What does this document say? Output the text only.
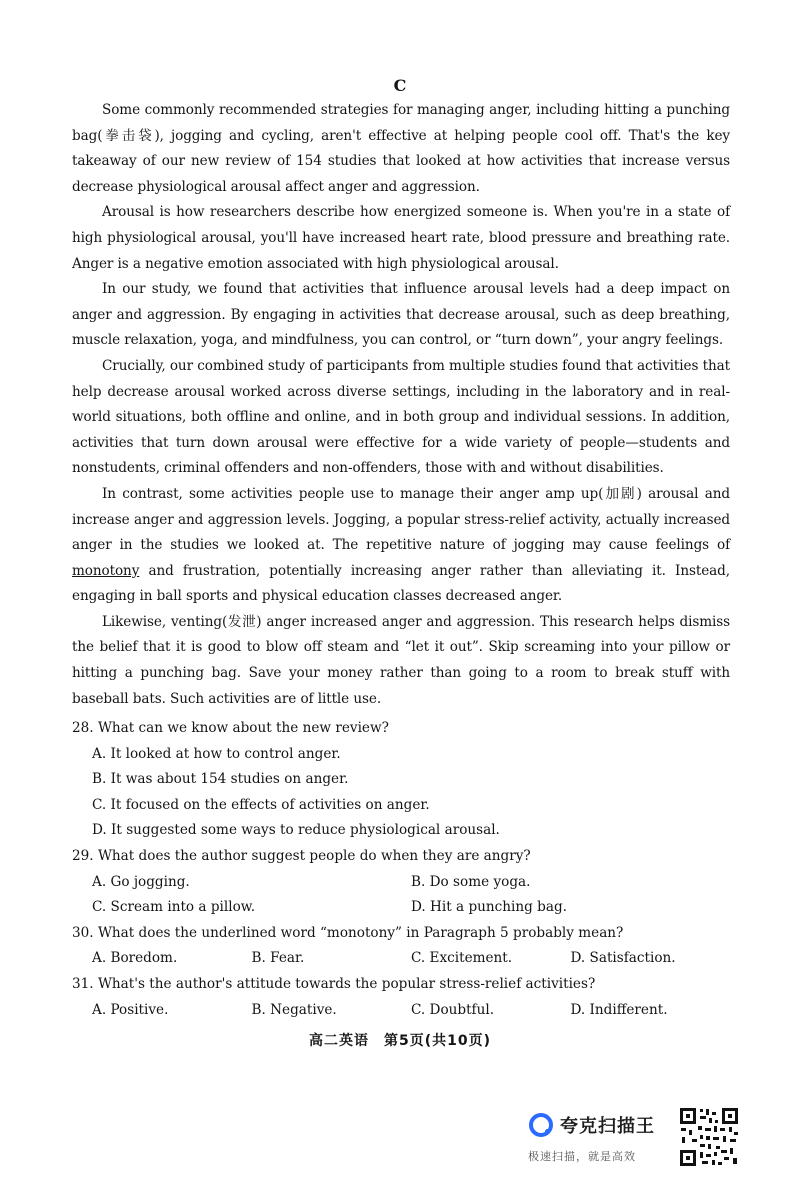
C

Some commonly recommended strategies for managing anger, including hitting a punching bag(拳击袋), jogging and cycling, aren't effective at helping people cool off. That's the key takeaway of our new review of 154 studies that looked at how activities that increase versus decrease physiological arousal affect anger and aggression.

Arousal is how researchers describe how energized someone is. When you're in a state of high physiological arousal, you'll have increased heart rate, blood pressure and breathing rate. Anger is a negative emotion associated with high physiological arousal.

In our study, we found that activities that influence arousal levels had a deep impact on anger and aggression. By engaging in activities that decrease arousal, such as deep breathing, muscle relaxation, yoga, and mindfulness, you can control, or “turn down”, your angry feelings.

Crucially, our combined study of participants from multiple studies found that activities that help decrease arousal worked across diverse settings, including in the laboratory and in real-world situations, both offline and online, and in both group and individual sessions. In addition, activities that turn down arousal were effective for a wide variety of people—students and nonstudents, criminal offenders and non-offenders, those with and without disabilities.

In contrast, some activities people use to manage their anger amp up(加剧) arousal and increase anger and aggression levels. Jogging, a popular stress-relief activity, actually increased anger in the studies we looked at. The repetitive nature of jogging may cause feelings of monotony and frustration, potentially increasing anger rather than alleviating it. Instead, engaging in ball sports and physical education classes decreased anger.

Likewise, venting(发泄) anger increased anger and aggression. This research helps dismiss the belief that it is good to blow off steam and “let it out”. Skip screaming into your pillow or hitting a punching bag. Save your money rather than going to a room to break stuff with baseball bats. Such activities are of little use.

28. What can we know about the new review?

A. It looked at how to control anger.
B. It was about 154 studies on anger.
C. It focused on the effects of activities on anger.
D. It suggested some ways to reduce physiological arousal.

29. What does the author suggest people do when they are angry?

A. Go jogging.	B. Do some yoga.
C. Scream into a pillow.	D. Hit a punching bag.

30. What does the underlined word “monotony” in Paragraph 5 probably mean?

A. Boredom.	B. Fear.	C. Excitement.	D. Satisfaction.

31. What's the author's attitude towards the popular stress-relief activities?

A. Positive.	B. Negative.	C. Doubtful.	D. Indifferent.
高二英语　第5页(共10页)
夸克扫描王
极速扫描，就是高效
